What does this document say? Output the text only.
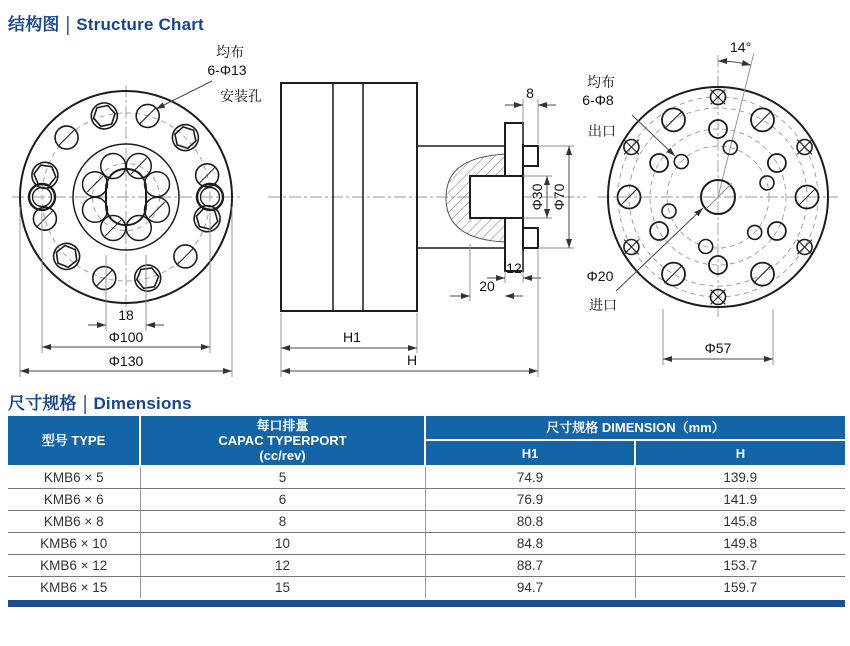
结构图 | Structure Chart
均布
6-Φ13
安装孔
18
Φ100
Φ130
8
Φ30 Φ70
12
20
H1
H
14°
均布
6-Φ8
出口
Φ20
进口
Φ57
尺寸规格 | Dimensions
型号 TYPE	每口排量
CAPAC TYPERPORT
(cc/rev)	尺寸规格 DIMENSION（mm）	
		H1	H
KMB6 × 5	5	74.9	139.9
KMB6 × 6	6	76.9	141.9
KMB6 × 8	8	80.8	145.8
KMB6 × 10	10	84.8	149.8
KMB6 × 12	12	88.7	153.7
KMB6 × 15	15	94.7	159.7
